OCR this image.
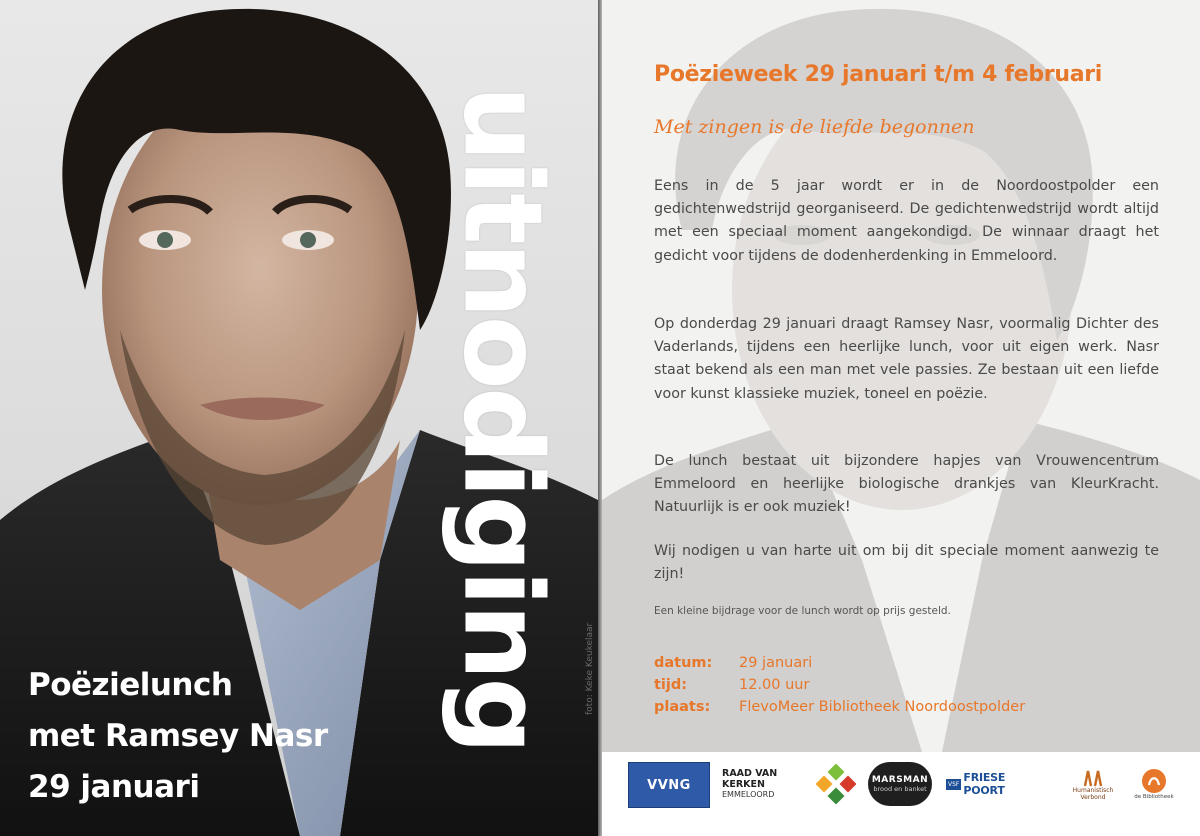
uitnodiging
Poëzielunch
met Ramsey Nasr
29 januari
foto: Keke Keukelaar
Poëzieweek 29 januari t/m 4 februari
Met zingen is de liefde begonnen
Eens in de 5 jaar wordt er in de Noordoostpolder een gedichtenwedstrijd georganiseerd. De gedichtenwedstrijd wordt altijd met een speciaal moment aangekondigd. De winnaar draagt het gedicht voor tijdens de dodenherdenking in Emmeloord.
Op donderdag 29 januari draagt Ramsey Nasr, voormalig Dichter des Vaderlands, tijdens een heerlijke lunch, voor uit eigen werk. Nasr staat bekend als een man met vele passies. Ze bestaan uit een liefde voor kunst klassieke muziek, toneel en poëzie.
De lunch bestaat uit bijzondere hapjes van Vrouwencentrum Emmeloord en heerlijke biologische drankjes van KleurKracht. Natuurlijk is er ook muziek!
Wij nodigen u van harte uit om bij dit speciale moment aanwezig te zijn!
Een kleine bijdrage voor de lunch wordt op prijs gesteld.
datum:	29 januari
tijd:	12.00 uur
plaats:	FlevoMeer Bibliotheek Noordoostpolder
VVNG
RAAD VAN KERKEN
EMMELOORD
MARSMAN
brood en banket
VSF FRIESE POORT	Humanistisch Verbond	de Bibliotheek
